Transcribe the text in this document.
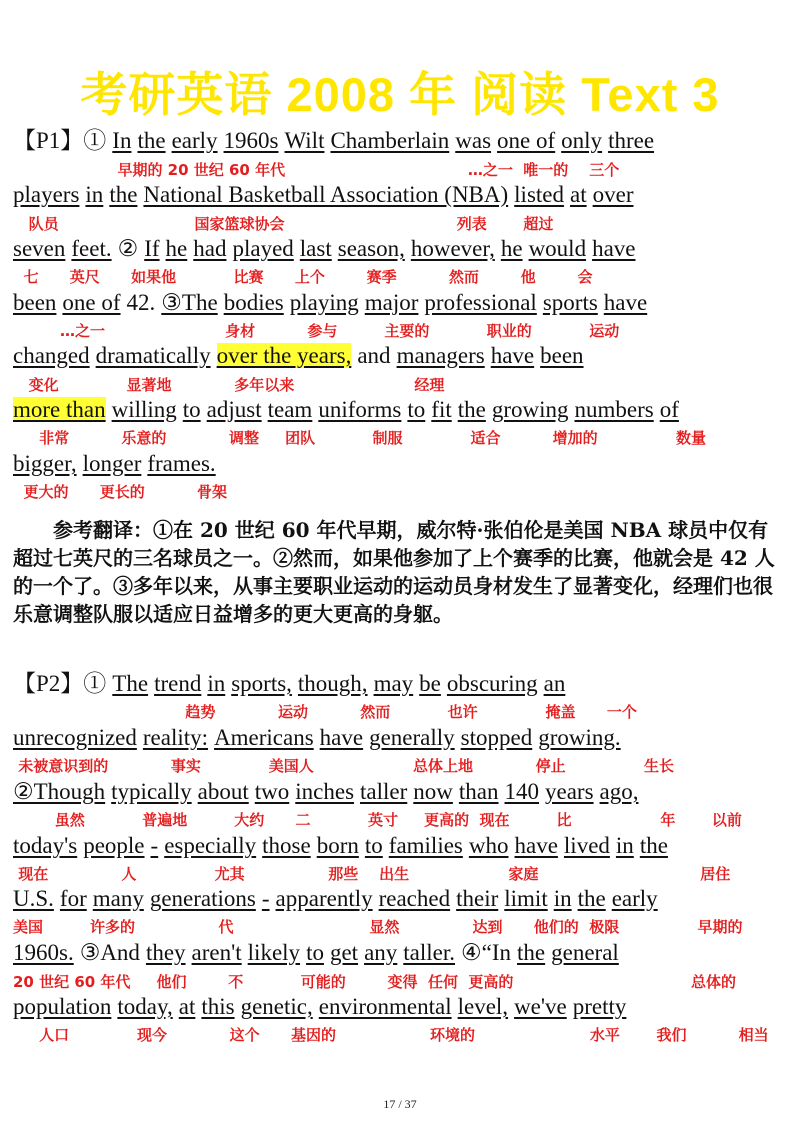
考研英语 2008 年 阅读 Text 3
【P1】① In the early 1960s Wilt Chamberlain was one of only three
players in the National Basketball Association (NBA) listed at over
seven feet. ② If he had played last season, however, he would have
been one of 42. ③The bodies playing major professional sports have
changed dramatically over the years, and managers have been
more than willing to adjust team uniforms to fit the growing numbers of
bigger, longer frames.
早期的 20 世纪 60 年代                                   …之一  唯一的    三个
队员                          国家篮球协会                                 列表       超过
七      英尺      如果他           比赛      上个        赛季          然而        他        会
…之一                       身材          参与         主要的           职业的           运动
变化             显著地            多年以来                       经理
非常          乐意的            调整     团队           制服             适合          增加的               数量
更大的      更长的          骨架
参考翻译：①在 20 世纪 60 年代早期，威尔特·张伯伦是美国 NBA 球员中仅有超过七英尺的三名球员之一。②然而，如果他参加了上个赛季的比赛，他就会是 42 人的一个了。③多年以来，从事主要职业运动的运动员身材发生了显著变化，经理们也很乐意调整队服以适应日益增多的更大更高的身躯。
【P2】① The trend in sports, though, may be obscuring an
unrecognized reality: Americans have generally stopped growing.
②Though typically about two inches taller now than 140 years ago,
today's people - especially those born to families who have lived in the
U.S. for many generations - apparently reached their limit in the early
1960s. ③And they aren't likely to get any taller. ④“In the general
population today, at this genetic, environmental level, we've pretty
趋势            运动          然而           也许             掩盖      一个
未被意识到的            事实             美国人                   总体上地            停止               生长
虽然           普遍地         大约      二           英寸     更高的  现在         比                 年       以前
现在              人               尤其                那些    出生                   家庭                               居住
美国         许多的                代                          显然              达到      他们的  极限               早期的
20 世纪 60 年代     他们        不           可能的        变得  任何  更高的                                  总体的
人口             现今            这个      基因的                  环境的                      水平       我们          相当
17 / 37
